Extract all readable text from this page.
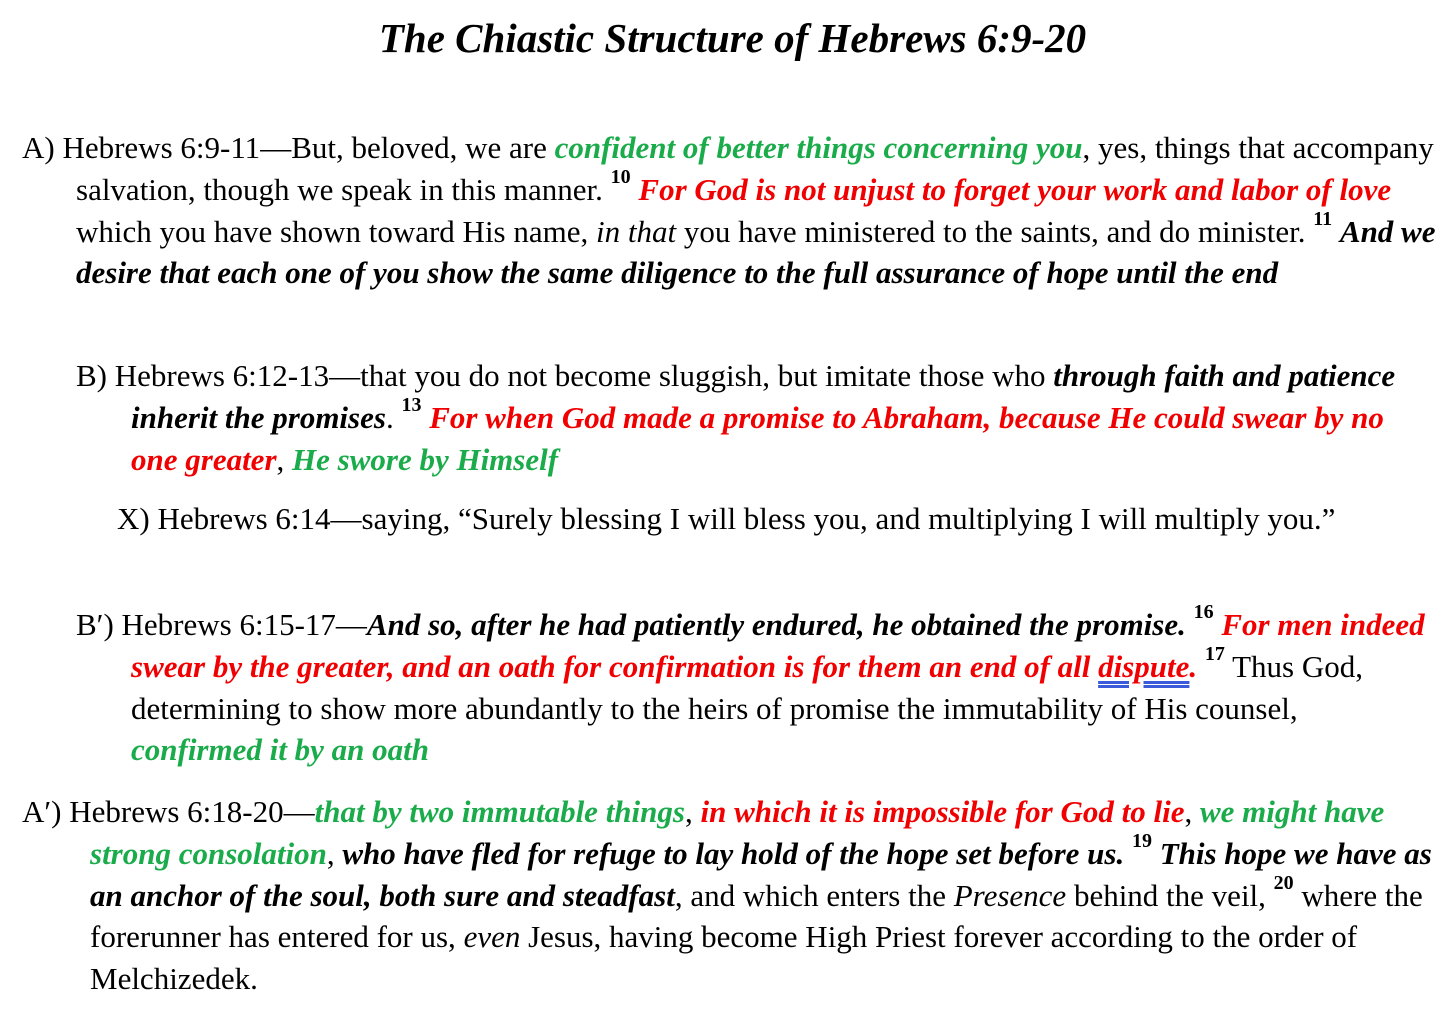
The Chiastic Structure of Hebrews 6:9-20

A) Hebrews 6:9-11—But, beloved, we are confident of better things concerning you, yes, things that accompany salvation, though we speak in this manner. $^{10}$ For God is not unjust to forget your work and labor of love which you have shown toward His name, in that you have ministered to the saints, and do minister. $^{11}$ And we desire that each one of you show the same diligence to the full assurance of hope until the end

B) Hebrews 6:12-13—that you do not become sluggish, but imitate those who through faith and patience inherit the promises. $^{13}$ For when God made a promise to Abraham, because He could swear by no one greater, He swore by Himself

X) Hebrews 6:14—saying, “Surely blessing I will bless you, and multiplying I will multiply you.”

B′) Hebrews 6:15-17—And so, after he had patiently endured, he obtained the promise. $^{16}$ For men indeed swear by the greater, and an oath for confirmation is for them an end of all dispute. $^{17}$ Thus God, determining to show more abundantly to the heirs of promise the immutability of His counsel, confirmed it by an oath

A′) Hebrews 6:18-20—that by two immutable things, in which it is impossible for God to lie, we might have strong consolation, who have fled for refuge to lay hold of the hope set before us. $^{19}$ This hope we have as an anchor of the soul, both sure and steadfast, and which enters the Presence behind the veil, $^{20}$ where the forerunner has entered for us, even Jesus, having become High Priest forever according to the order of Melchizedek.
